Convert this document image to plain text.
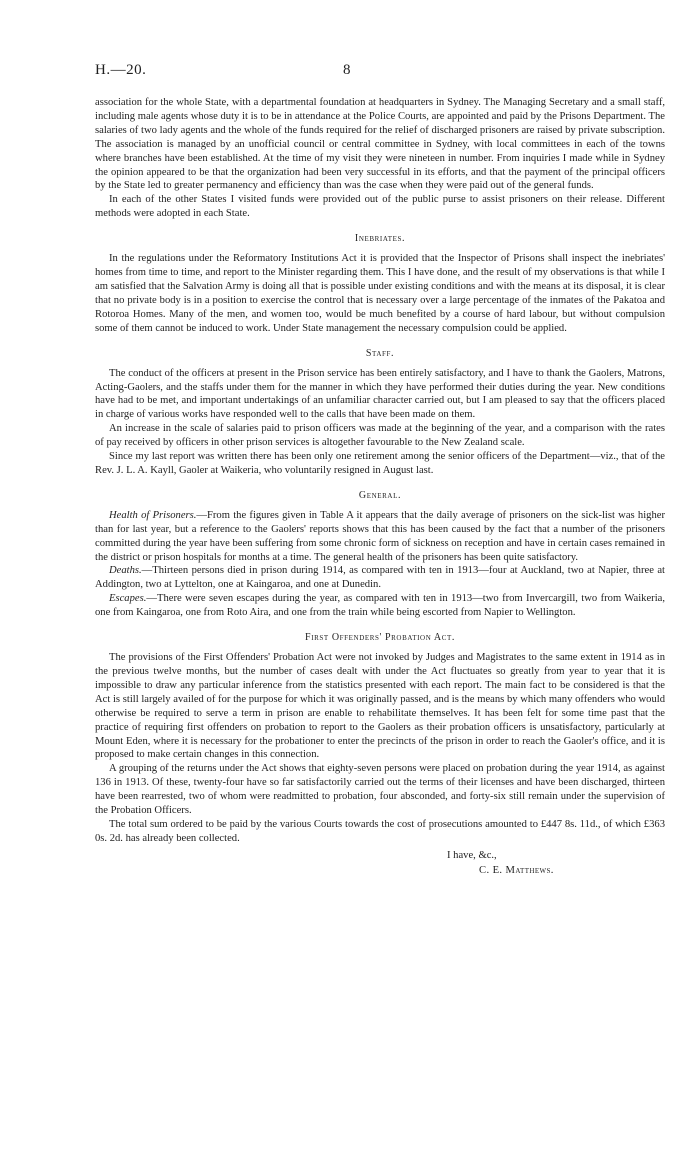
H.—20.	8

association for the whole State, with a departmental foundation at headquarters in Sydney. The Managing Secretary and a small staff, including male agents whose duty it is to be in attendance at the Police Courts, are appointed and paid by the Prisons Department. The salaries of two lady agents and the whole of the funds required for the relief of discharged prisoners are raised by private subscription. The association is managed by an unofficial council or central committee in Sydney, with local committees in each of the towns where branches have been established. At the time of my visit they were nineteen in number. From inquiries I made while in Sydney the opinion appeared to be that the organization had been very successful in its efforts, and that the payment of the principal officers by the State led to greater permanency and efficiency than was the case when they were paid out of the general funds.

In each of the other States I visited funds were provided out of the public purse to assist prisoners on their release. Different methods were adopted in each State.

Inebriates.

In the regulations under the Reformatory Institutions Act it is provided that the Inspector of Prisons shall inspect the inebriates' homes from time to time, and report to the Minister regarding them. This I have done, and the result of my observations is that while I am satisfied that the Salvation Army is doing all that is possible under existing conditions and with the means at its disposal, it is clear that no private body is in a position to exercise the control that is necessary over a large percentage of the inmates of the Pakatoa and Rotoroa Homes. Many of the men, and women too, would be much benefited by a course of hard labour, but without compulsion some of them cannot be induced to work. Under State management the necessary compulsion could be applied.

Staff.

The conduct of the officers at present in the Prison service has been entirely satisfactory, and I have to thank the Gaolers, Matrons, Acting-Gaolers, and the staffs under them for the manner in which they have performed their duties during the year. New conditions have had to be met, and important undertakings of an unfamiliar character carried out, but I am pleased to say that the officers placed in charge of various works have responded well to the calls that have been made on them.

An increase in the scale of salaries paid to prison officers was made at the beginning of the year, and a comparison with the rates of pay received by officers in other prison services is altogether favourable to the New Zealand scale.

Since my last report was written there has been only one retirement among the senior officers of the Department—viz., that of the Rev. J. L. A. Kayll, Gaoler at Waikeria, who voluntarily resigned in August last.

General.

Health of Prisoners.—From the figures given in Table A it appears that the daily average of prisoners on the sick-list was higher than for last year, but a reference to the Gaolers' reports shows that this has been caused by the fact that a number of the prisoners committed during the year have been suffering from some chronic form of sickness on reception and have in certain cases remained in the district or prison hospitals for months at a time. The general health of the prisoners has been quite satisfactory.

Deaths.—Thirteen persons died in prison during 1914, as compared with ten in 1913—four at Auckland, two at Napier, three at Addington, two at Lyttelton, one at Kaingaroa, and one at Dunedin.

Escapes.—There were seven escapes during the year, as compared with ten in 1913—two from Invercargill, two from Waikeria, one from Kaingaroa, one from Roto Aira, and one from the train while being escorted from Napier to Wellington.

First Offenders' Probation Act.

The provisions of the First Offenders' Probation Act were not invoked by Judges and Magistrates to the same extent in 1914 as in the previous twelve months, but the number of cases dealt with under the Act fluctuates so greatly from year to year that it is impossible to draw any particular inference from the statistics presented with each report. The main fact to be considered is that the Act is still largely availed of for the purpose for which it was originally passed, and is the means by which many offenders who would otherwise be required to serve a term in prison are enable to rehabilitate themselves. It has been felt for some time past that the practice of requiring first offenders on probation to report to the Gaolers as their probation officers is unsatisfactory, particularly at Mount Eden, where it is necessary for the probationer to enter the precincts of the prison in order to reach the Gaoler's office, and it is proposed to make certain changes in this connection.

A grouping of the returns under the Act shows that eighty-seven persons were placed on probation during the year 1914, as against 136 in 1913. Of these, twenty-four have so far satisfactorily carried out the terms of their licenses and have been discharged, thirteen have been rearrested, two of whom were readmitted to probation, four absconded, and forty-six still remain under the supervision of the Probation Officers.

The total sum ordered to be paid by the various Courts towards the cost of prosecutions amounted to £447 8s. 11d., of which £363 0s. 2d. has already been collected.

I have, &c.,
C. E. Matthews.
